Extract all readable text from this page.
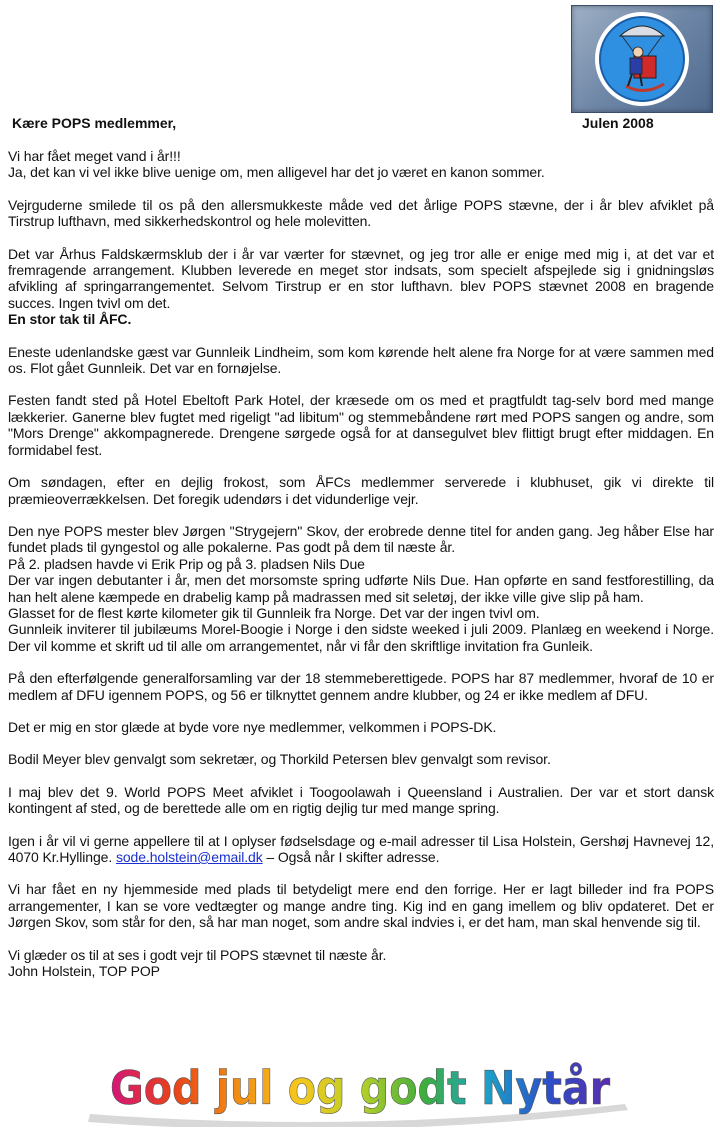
Kære POPS medlemmer,	Julen 2008

Vi har fået meget vand i år!!!
Ja, det kan vi vel ikke blive uenige om, men alligevel har det jo været en kanon sommer.

Vejrguderne smilede til os på den allersmukkeste måde ved det årlige POPS stævne, der i år blev afviklet på Tirstrup lufthavn, med sikkerhedskontrol og hele molevitten.

Det var Århus Faldskærmsklub der i år var værter for stævnet, og jeg tror alle er enige med mig i, at det var et fremragende arrangement. Klubben leverede en meget stor indsats, som specielt afspejlede sig i gnidningsløs afvikling af springarrangementet. Selvom Tirstrup er en stor lufthavn. blev POPS stævnet 2008 en bragende succes. Ingen tvivl om det.
En stor tak til ÅFC.

Eneste udenlandske gæst var Gunnleik Lindheim, som kom kørende helt alene fra Norge for at være sammen med os. Flot gået Gunnleik. Det var en fornøjelse.

Festen fandt sted på Hotel Ebeltoft Park Hotel, der kræsede om os med et pragtfuldt tag-selv bord med mange lækkerier. Ganerne blev fugtet med rigeligt "ad libitum" og stemmebåndene rørt med POPS sangen og andre, som "Mors Drenge" akkompagnerede. Drengene sørgede også for at dansegulvet blev flittigt brugt efter middagen. En formidabel fest.

Om søndagen, efter en dejlig frokost, som ÅFCs medlemmer serverede i klubhuset, gik vi direkte til præmieoverrækkelsen. Det foregik udendørs i det vidunderlige vejr.

Den nye POPS mester blev Jørgen "Strygejern" Skov, der erobrede denne titel for anden gang. Jeg håber Else har fundet plads til gyngestol og alle pokalerne. Pas godt på dem til næste år.
På 2. pladsen havde vi Erik Prip og på 3. pladsen Nils Due
Der var ingen debutanter i år, men det morsomste spring udførte Nils Due. Han opførte en sand festforestilling, da han helt alene kæmpede en drabelig kamp på madrassen med sit seletøj, der ikke ville give slip på ham.
Glasset for de flest kørte kilometer gik til Gunnleik fra Norge. Det var der ingen tvivl om.
Gunnleik inviterer til jubilæums Morel-Boogie i Norge i den sidste weeked i juli 2009. Planlæg en weekend i Norge. Der vil komme et skrift ud til alle om arrangementet, når vi får den skriftlige invitation fra Gunleik.

På den efterfølgende generalforsamling var der 18 stemmeberettigede. POPS har 87 medlemmer, hvoraf de 10 er medlem af DFU igennem POPS, og 56 er tilknyttet gennem andre klubber, og 24 er ikke medlem af DFU.

Det er mig en stor glæde at byde vore nye medlemmer, velkommen i POPS-DK.

Bodil Meyer blev genvalgt som sekretær, og Thorkild Petersen blev genvalgt som revisor.

I maj blev det 9. World POPS Meet afviklet i Toogoolawah i Queensland i Australien. Der var et stort dansk kontingent af sted, og de berettede alle om en rigtig dejlig tur med mange spring.

Igen i år vil vi gerne appellere til at I oplyser fødselsdage og e-mail adresser til Lisa Holstein, Gershøj Havnevej 12, 4070 Kr.Hyllinge. sode.holstein@email.dk – Også når I skifter adresse.

Vi har fået en ny hjemmeside med plads til betydeligt mere end den forrige. Her er lagt billeder ind fra POPS arrangementer, I kan se vore vedtægter og mange andre ting. Kig ind en gang imellem og bliv opdateret. Det er Jørgen Skov, som står for den, så har man noget, som andre skal indvies i, er det ham, man skal henvende sig til.

Vi glæder os til at ses i godt vejr til POPS stævnet til næste år.
John Holstein, TOP POP

God jul og godt Nytår
